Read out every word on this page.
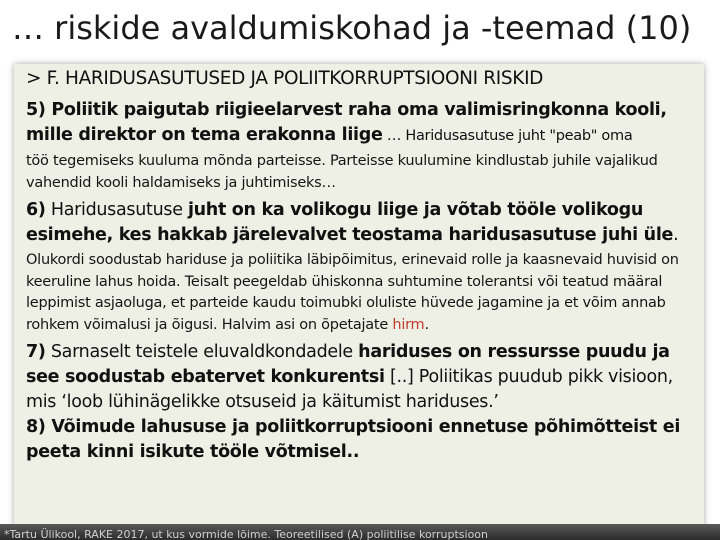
… riskide avaldumiskohad ja -teemad (10)
> F. HARIDUSASUTUSED JA POLIITKORRUPTSIOONI RISKID
5) Poliitik paigutab riigieelarvest raha oma valimisringkonna kooli, mille direktor on tema erakonna liige … Haridusasutuse juht "peab" oma
töö tegemiseks kuuluma mõnda parteisse. Parteisse kuulumine kindlustab juhile vajalikud vahendid kooli haldamiseks ja juhtimiseks…
6) Haridusasutuse juht on ka volikogu liige ja võtab tööle volikogu esimehe, kes hakkab järelevalvet teostama haridusasutuse juhi üle.
Olukordi soodustab hariduse ja poliitika läbipõimitus, erinevaid rolle ja kaasnevaid huvisid on keeruline lahus hoida. Teisalt peegeldab ühiskonna suhtumine tolerantsi või teatud määral leppimist asjaoluga, et parteide kaudu toimubki oluliste hüvede jagamine ja et võim annab rohkem võimalusi ja õigusi. Halvim asi on õpetajate hirm.
7) Sarnaselt teistele eluvaldkondadele hariduses on ressursse puudu ja see soodustab ebatervet konkurentsi [..] Poliitikas puudub pikk visioon, mis ‘loob lühinägelikke otsuseid ja käitumist hariduses.’
8) Võimude lahususe ja poliitkorruptsiooni ennetuse põhimõtteist ei peeta kinni isikute tööle võtmisel..
*Tartu Ülikool, RAKE 2017, ut kus vormide lõime. Teoreetilised (A) poliitilise korruptsioon
